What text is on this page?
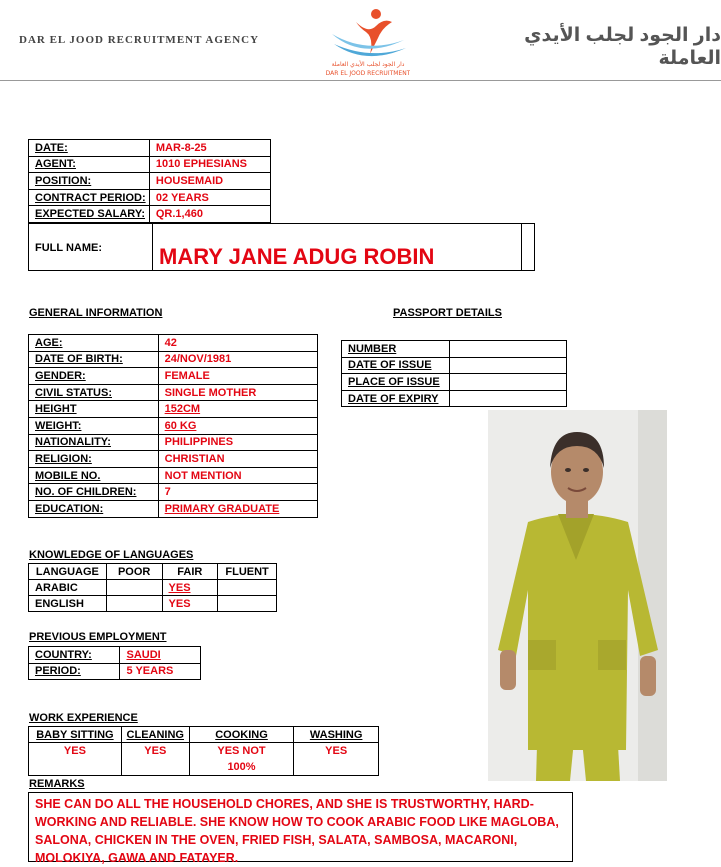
DAR EL JOOD RECRUITMENT AGENCY
دار الجود لجلب الأيدي العاملة
DAR EL JOOD RECRUITMENT
دار الجود لجلب الأيدي العاملة
DATE:	MAR-8-25
AGENT:	1010 EPHESIANS
POSITION:	HOUSEMAID
CONTRACT PERIOD:	02 YEARS
EXPECTED SALARY:	QR.1,460
FULL NAME:	MARY JANE ADUG ROBIN
GENERAL INFORMATION
AGE:	42
DATE OF BIRTH:	24/NOV/1981
GENDER:	FEMALE
CIVIL STATUS:	SINGLE MOTHER
HEIGHT	152CM
WEIGHT:	60 KG
NATIONALITY:	PHILIPPINES
RELIGION:	CHRISTIAN
MOBILE NO.	NOT MENTION
NO. OF CHILDREN:	7
EDUCATION:	PRIMARY GRADUATE
PASSPORT DETAILS
NUMBER	
DATE OF ISSUE	
PLACE OF ISSUE	
DATE OF EXPIRY	
KNOWLEDGE OF LANGUAGES
LANGUAGE	POOR	FAIR	FLUENT
ARABIC		YES	
ENGLISH		YES	
PREVIOUS EMPLOYMENT
COUNTRY:	SAUDI
PERIOD:	5 YEARS
WORK EXPERIENCE
BABY SITTING	CLEANING	COOKING	WASHING
YES	YES	YES NOT 100%	YES
REMARKS
SHE CAN DO ALL THE HOUSEHOLD CHORES, AND SHE IS TRUSTWORTHY, HARD-WORKING AND RELIABLE. SHE KNOW HOW TO COOK ARABIC FOOD LIKE MAGLOBA, SALONA, CHICKEN IN THE OVEN, FRIED FISH, SALATA, SAMBOSA, MACARONI, MOLOKIYA, GAWA AND FATAYER.
